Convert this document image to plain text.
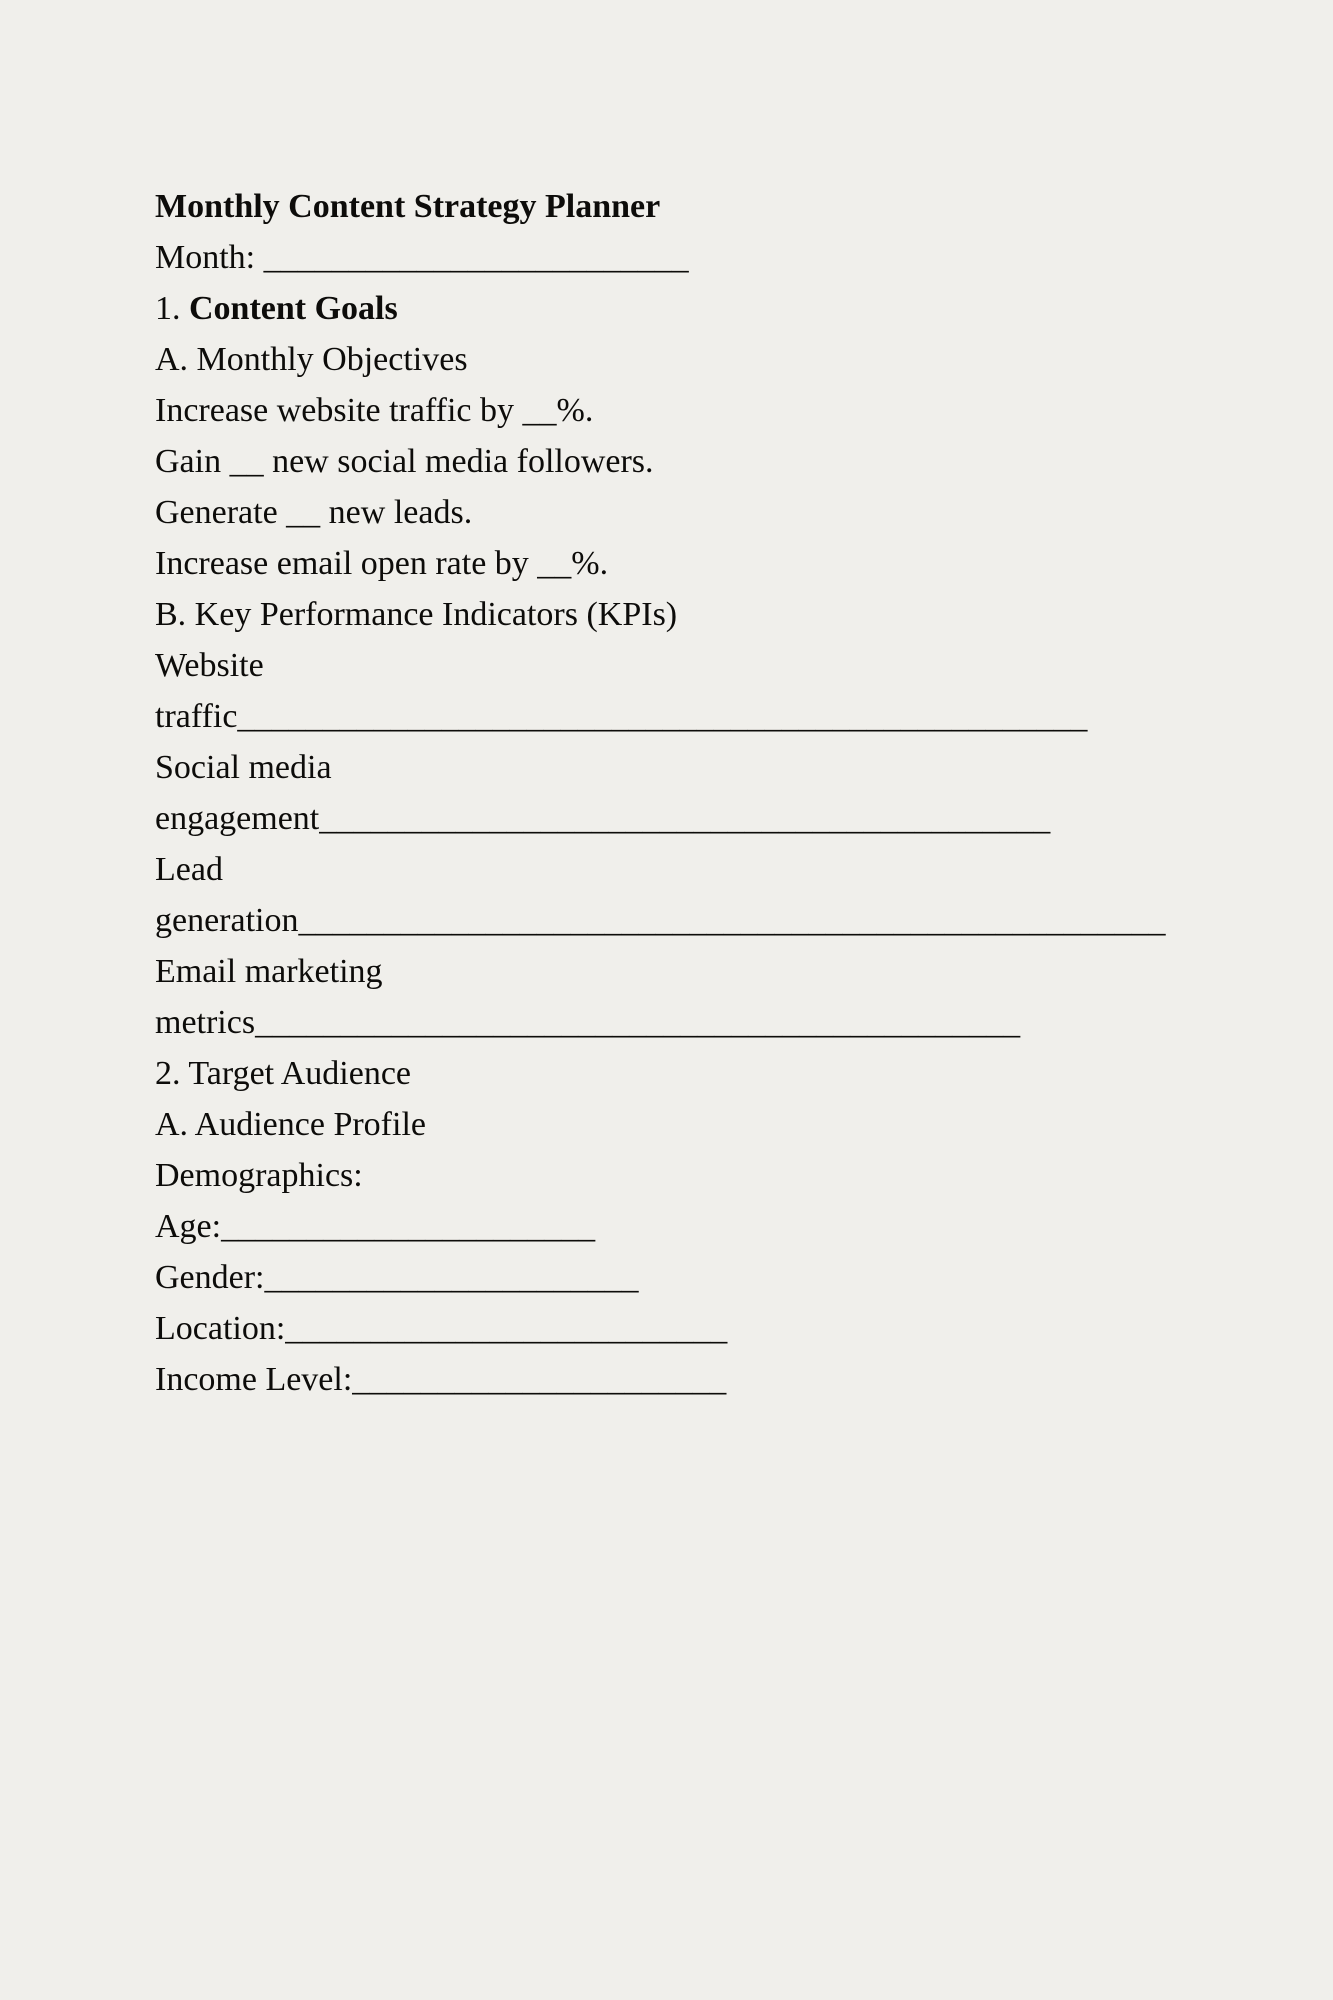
Monthly Content Strategy Planner
Month: _________________________
1. Content Goals
A. Monthly Objectives
Increase website traffic by __%.
Gain __ new social media followers.
Generate __ new leads.
Increase email open rate by __%.
B. Key Performance Indicators (KPIs)
Website
traffic__________________________________________________
Social media
engagement___________________________________________
Lead
generation___________________________________________________
Email marketing
metrics_____________________________________________
2. Target Audience
A. Audience Profile
Demographics:
Age:______________________
Gender:______________________
Location:__________________________
Income Level:______________________
